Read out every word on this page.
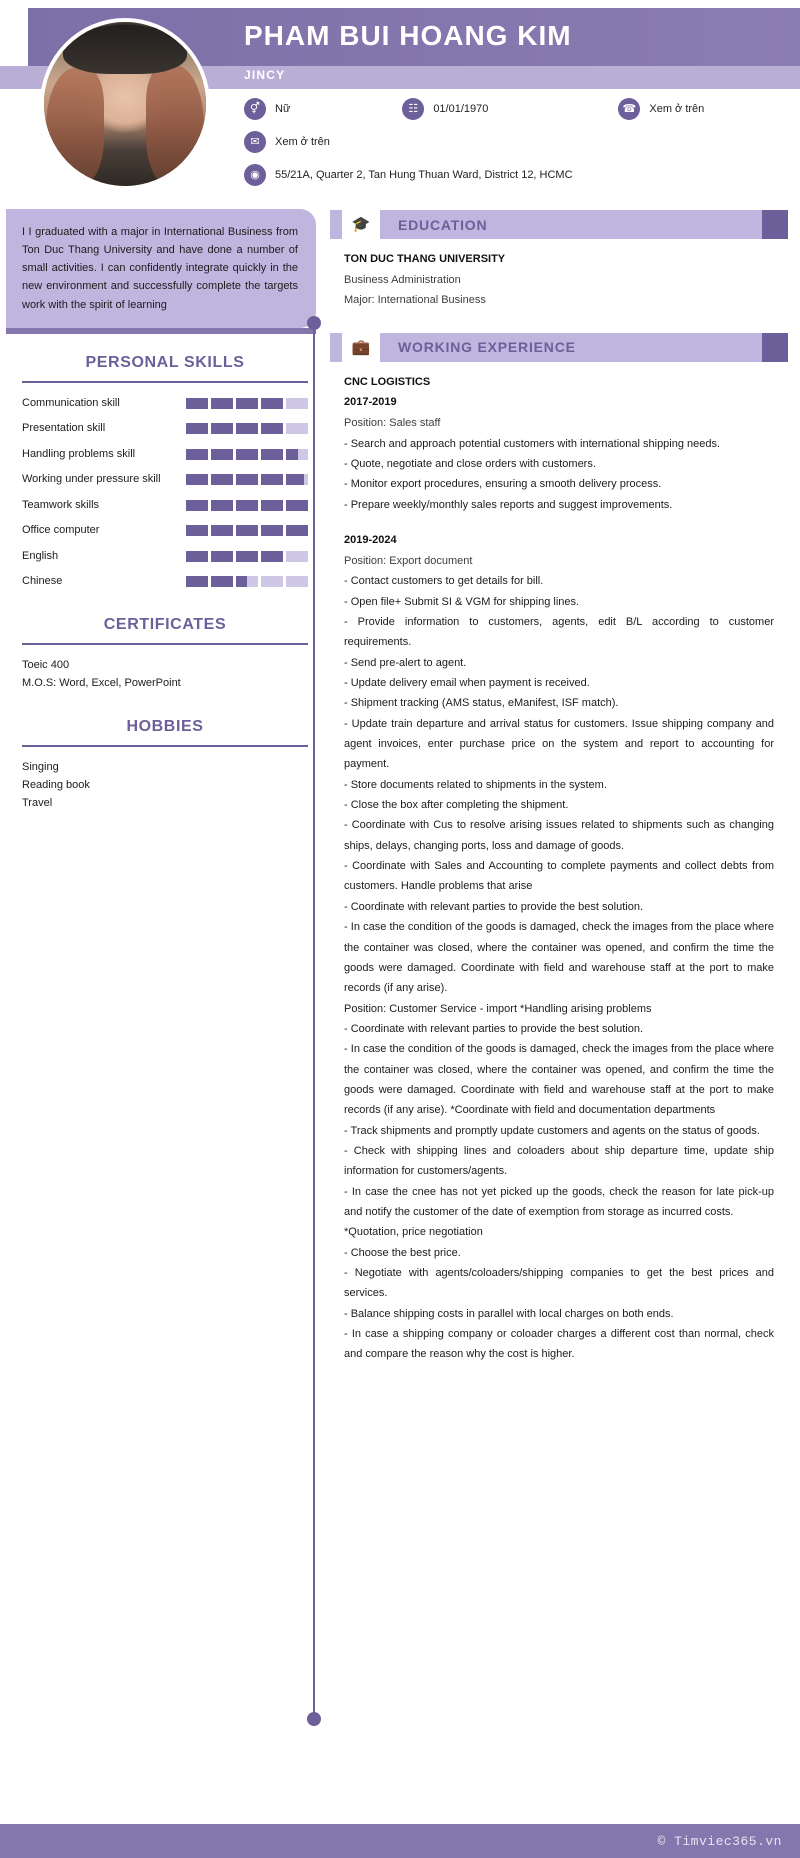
PHAM BUI HOANG KIM
JINCY
⚥	Nữ	☷	01/01/1970	☎	Xem ở trên
✉	Xem ở trên
◉	55/21A, Quarter 2, Tan Hung Thuan Ward, District 12, HCMC
I I graduated with a major in International Business from Ton Duc Thang University and have done a number of small activities. I can confidently integrate quickly in the new environment and successfully complete the targets work with the spirit of learning
PERSONAL SKILLS
Communication skill
Presentation skill
Handling problems skill
Working under pressure skill
Teamwork skills
Office computer
English
Chinese
CERTIFICATES
Toeic 400
M.O.S: Word, Excel, PowerPoint
HOBBIES
Singing
Reading book
Travel
🎓	EDUCATION
TON DUC THANG UNIVERSITY
Business Administration
Major: International Business
💼	WORKING EXPERIENCE
CNC LOGISTICS
2017-2019
Position: Sales staff
- Search and approach potential customers with international shipping needs.
- Quote, negotiate and close orders with customers.
- Monitor export procedures, ensuring a smooth delivery process.
- Prepare weekly/monthly sales reports and suggest improvements.
2019-2024
Position: Export document
- Contact customers to get details for bill.
- Open file+ Submit SI & VGM for shipping lines.
- Provide information to customers, agents, edit B/L according to customer requirements.
- Send pre-alert to agent.
- Update delivery email when payment is received.
- Shipment tracking (AMS status, eManifest, ISF match).
- Update train departure and arrival status for customers. Issue shipping company and agent invoices, enter purchase price on the system and report to accounting for payment.
- Store documents related to shipments in the system.
- Close the box after completing the shipment.
- Coordinate with Cus to resolve arising issues related to shipments such as changing ships, delays, changing ports, loss and damage of goods.
- Coordinate with Sales and Accounting to complete payments and collect debts from customers. Handle problems that arise
- Coordinate with relevant parties to provide the best solution.
- In case the condition of the goods is damaged, check the images from the place where the container was closed, where the container was opened, and confirm the time the goods were damaged. Coordinate with field and warehouse staff at the port to make records (if any arise).
Position: Customer Service - import *Handling arising problems
- Coordinate with relevant parties to provide the best solution.
- In case the condition of the goods is damaged, check the images from the place where the container was closed, where the container was opened, and confirm the time the goods were damaged. Coordinate with field and warehouse staff at the port to make records (if any arise). *Coordinate with field and documentation departments
- Track shipments and promptly update customers and agents on the status of goods.
- Check with shipping lines and coloaders about ship departure time, update ship information for customers/agents.
- In case the cnee has not yet picked up the goods, check the reason for late pick-up and notify the customer of the date of exemption from storage as incurred costs.
*Quotation, price negotiation
- Choose the best price.
- Negotiate with agents/coloaders/shipping companies to get the best prices and services.
- Balance shipping costs in parallel with local charges on both ends.
- In case a shipping company or coloader charges a different cost than normal, check and compare the reason why the cost is higher.
© Timviec365.vn
